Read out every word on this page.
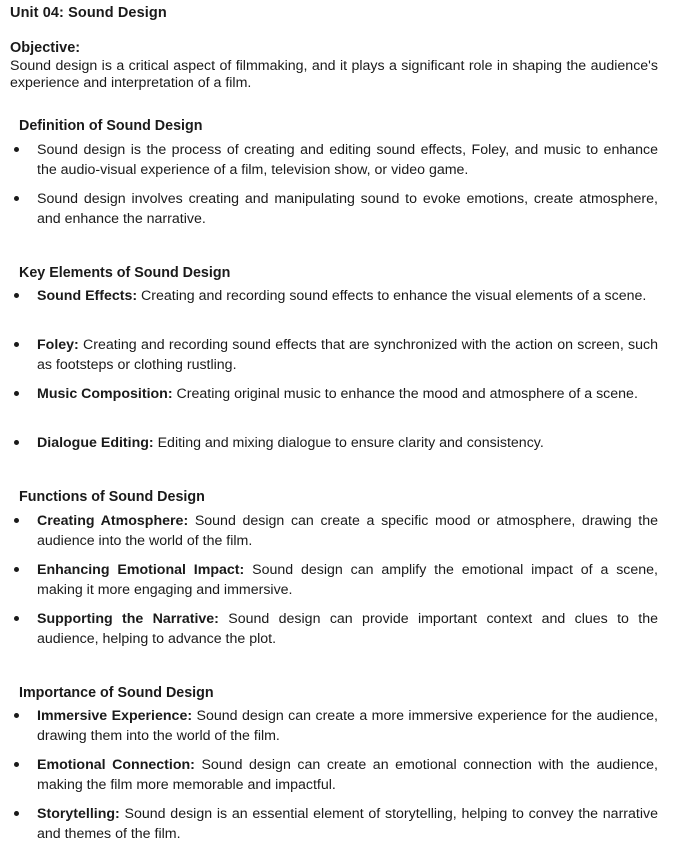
Unit 04: Sound Design
Objective:
Sound design is a critical aspect of filmmaking, and it plays a significant role in shaping the audience's experience and interpretation of a film.
Definition of Sound Design
Sound design is the process of creating and editing sound effects, Foley, and music to enhance the audio-visual experience of a film, television show, or video game.
Sound design involves creating and manipulating sound to evoke emotions, create atmosphere, and enhance the narrative.
Key Elements of Sound Design
Sound Effects: Creating and recording sound effects to enhance the visual elements of a scene.
Foley: Creating and recording sound effects that are synchronized with the action on screen, such as footsteps or clothing rustling.
Music Composition: Creating original music to enhance the mood and atmosphere of a scene.
Dialogue Editing: Editing and mixing dialogue to ensure clarity and consistency.
Functions of Sound Design
Creating Atmosphere: Sound design can create a specific mood or atmosphere, drawing the audience into the world of the film.
Enhancing Emotional Impact: Sound design can amplify the emotional impact of a scene, making it more engaging and immersive.
Supporting the Narrative: Sound design can provide important context and clues to the audience, helping to advance the plot.
Importance of Sound Design
Immersive Experience: Sound design can create a more immersive experience for the audience, drawing them into the world of the film.
Emotional Connection: Sound design can create an emotional connection with the audience, making the film more memorable and impactful.
Storytelling: Sound design is an essential element of storytelling, helping to convey the narrative and themes of the film.
